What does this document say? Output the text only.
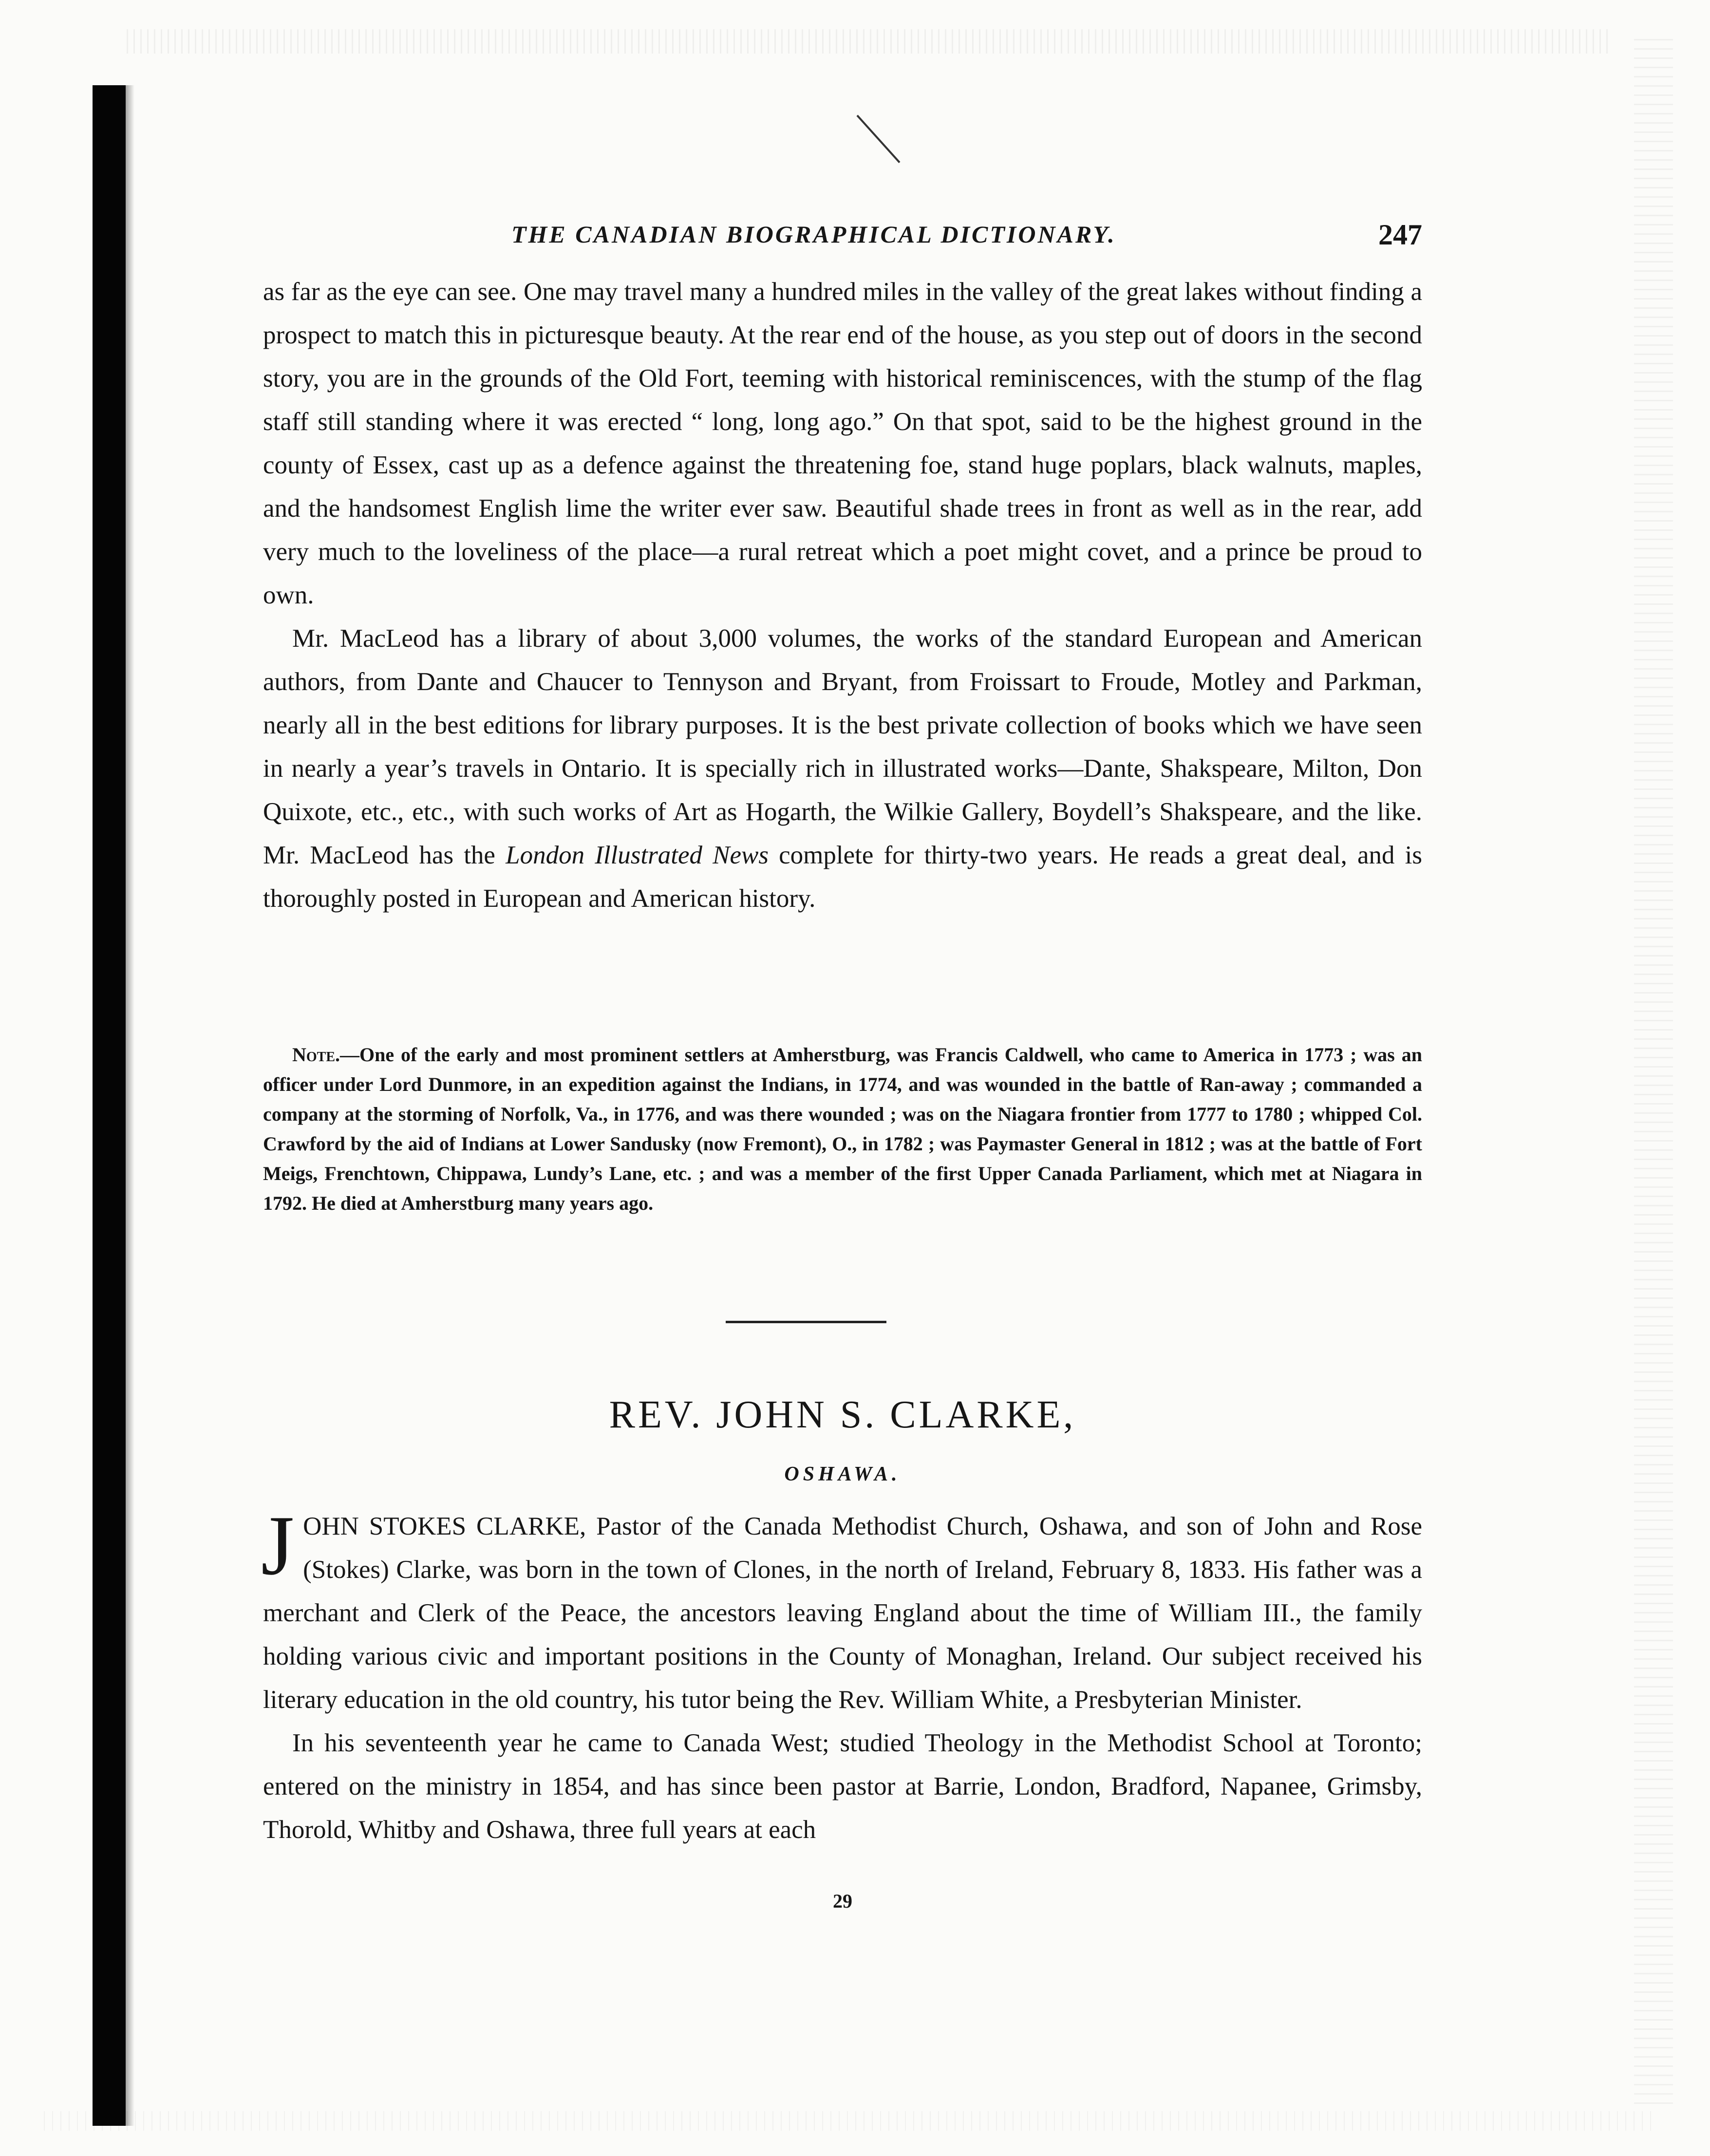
THE CANADIAN BIOGRAPHICAL DICTIONARY.	247

as far as the eye can see. One may travel many a hundred miles in the valley of the great lakes without finding a prospect to match this in picturesque beauty. At the rear end of the house, as you step out of doors in the second story, you are in the grounds of the Old Fort, teeming with historical reminiscences, with the stump of the flag staff still standing where it was erected “ long, long ago.” On that spot, said to be the highest ground in the county of Essex, cast up as a defence against the threatening foe, stand huge poplars, black walnuts, maples, and the handsomest English lime the writer ever saw. Beautiful shade trees in front as well as in the rear, add very much to the loveliness of the place—a rural retreat which a poet might covet, and a prince be proud to own.

Mr. MacLeod has a library of about 3,000 volumes, the works of the standard European and American authors, from Dante and Chaucer to Tennyson and Bryant, from Froissart to Froude, Motley and Parkman, nearly all in the best editions for library purposes. It is the best private collection of books which we have seen in nearly a year’s travels in Ontario. It is specially rich in illustrated works—Dante, Shakspeare, Milton, Don Quixote, etc., etc., with such works of Art as Hogarth, the Wilkie Gallery, Boydell’s Shakspeare, and the like. Mr. MacLeod has the London Illustrated News complete for thirty-two years. He reads a great deal, and is thoroughly posted in European and American history.

Note.—One of the early and most prominent settlers at Amherstburg, was Francis Caldwell, who came to America in 1773 ; was an officer under Lord Dunmore, in an expedition against the Indians, in 1774, and was wounded in the battle of Ran-away ; commanded a company at the storming of Norfolk, Va., in 1776, and was there wounded ; was on the Niagara frontier from 1777 to 1780 ; whipped Col. Crawford by the aid of Indians at Lower Sandusky (now Fremont), O., in 1782 ; was Paymaster General in 1812 ; was at the battle of Fort Meigs, Frenchtown, Chippawa, Lundy’s Lane, etc. ; and was a member of the first Upper Canada Parliament, which met at Niagara in 1792. He died at Amherstburg many years ago.

REV. JOHN S. CLARKE,
OSHAWA.

JOHN STOKES CLARKE, Pastor of the Canada Methodist Church, Oshawa, and son of John and Rose (Stokes) Clarke, was born in the town of Clones, in the north of Ireland, February 8, 1833. His father was a merchant and Clerk of the Peace, the ancestors leaving England about the time of William III., the family holding various civic and important positions in the County of Monaghan, Ireland. Our subject received his literary education in the old country, his tutor being the Rev. William White, a Presbyterian Minister.

In his seventeenth year he came to Canada West; studied Theology in the Methodist School at Toronto; entered on the ministry in 1854, and has since been pastor at Barrie, London, Bradford, Napanee, Grimsby, Thorold, Whitby and Oshawa, three full years at each

29
